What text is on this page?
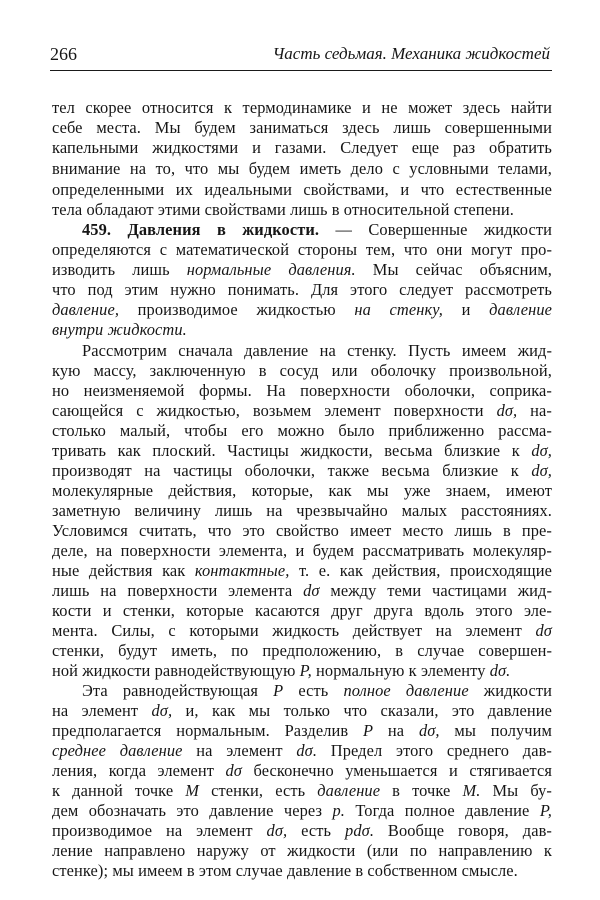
266	Часть седьмая. Механика жидкостей
тел скорее относится к термодинамике и не может здесь найти
себе места. Мы будем заниматься здесь лишь совершенными
капельными жидкостями и газами. Следует еще раз обратить
внимание на то, что мы будем иметь дело с условными телами,
определенными их идеальными свойствами, и что естественные
тела обладают этими свойствами лишь в относительной степени.
459. Давления в жидкости. — Совершенные жидкости
определяются с математической стороны тем, что они могут про-
изводить лишь нормальные давления. Мы сейчас объясним,
что под этим нужно понимать. Для этого следует рассмотреть
давление, производимое жидкостью на стенку, и давление
внутри жидкости.
Рассмотрим сначала давление на стенку. Пусть имеем жид-
кую массу, заключенную в сосуд или оболочку произвольной,
но неизменяемой формы. На поверхности оболочки, соприка-
сающейся с жидкостью, возьмем элемент поверхности dσ, на-
столько малый, чтобы его можно было приближенно рассма-
тривать как плоский. Частицы жидкости, весьма близкие к dσ,
производят на частицы оболочки, также весьма близкие к dσ,
молекулярные действия, которые, как мы уже знаем, имеют
заметную величину лишь на чрезвычайно малых расстояниях.
Условимся считать, что это свойство имеет место лишь в пре-
деле, на поверхности элемента, и будем рассматривать молекуляр-
ные действия как контактные, т. е. как действия, происходящие
лишь на поверхности элемента dσ между теми частицами жид-
кости и стенки, которые касаются друг друга вдоль этого эле-
мента. Силы, с которыми жидкость действует на элемент dσ
стенки, будут иметь, по предположению, в случае совершен-
ной жидкости равнодействующую P, нормальную к элементу dσ.
Эта равнодействующая P есть полное давление жидкости
на элемент dσ, и, как мы только что сказали, это давление
предполагается нормальным. Разделив P на dσ, мы получим
среднее давление на элемент dσ. Предел этого среднего дав-
ления, когда элемент dσ бесконечно уменьшается и стягивается
к данной точке M стенки, есть давление в точке M. Мы бу-
дем обозначать это давление через p. Тогда полное давление P,
производимое на элемент dσ, есть pdσ. Вообще говоря, дав-
ление направлено наружу от жидкости (или по направлению к
стенке); мы имеем в этом случае давление в собственном смысле.
